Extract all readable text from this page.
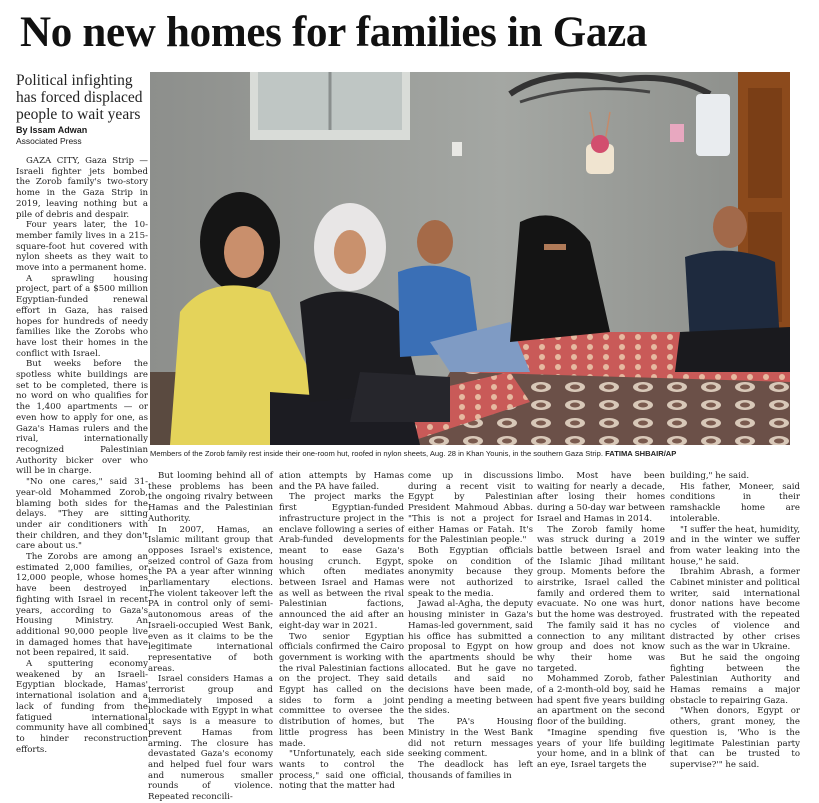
No new homes for families in Gaza
Political infighting has forced displaced people to wait years
By Issam Adwan
Associated Press
Members of the Zorob family rest inside their one-room hut, roofed in nylon sheets, Aug. 28 in Khan Younis, in the southern Gaza Strip. FATIMA SHBAIR/AP

GAZA CITY, Gaza Strip — Israeli fighter jets bombed the Zorob family's two-story home in the Gaza Strip in 2019, leaving nothing but a pile of debris and despair.

Four years later, the 10-member family lives in a 215-square-foot hut covered with nylon sheets as they wait to move into a permanent home.

A sprawling housing project, part of a $500 million Egyptian-funded renewal effort in Gaza, has raised hopes for hundreds of needy families like the Zorobs who have lost their homes in the conflict with Israel.

But weeks before the spotless white buildings are set to be completed, there is no word on who qualifies for the 1,400 apartments — or even how to apply for one, as Gaza's Hamas rulers and the rival, internationally recognized Palestinian Authority bicker over who will be in charge.

"No one cares," said 31-year-old Mohammed Zorob, blaming both sides for the delays. "They are sitting under air conditioners with their children, and they don't care about us."

The Zorobs are among an estimated 2,000 families, or 12,000 people, whose homes have been destroyed in fighting with Israel in recent years, according to Gaza's Housing Ministry. An additional 90,000 people live in damaged homes that have not been repaired, it said.

A sputtering economy weakened by an Israeli-Egyptian blockade, Hamas' international isolation and a lack of funding from the fatigued international community have all combined to hinder reconstruction efforts.

But looming behind all of these problems has been the ongoing rivalry between Hamas and the Palestinian Authority.

In 2007, Hamas, an Islamic militant group that opposes Israel's existence, seized control of Gaza from the PA a year after winning parliamentary elections. The violent takeover left the PA in control only of semi-autonomous areas of the Israeli-occupied West Bank, even as it claims to be the legitimate international representative of both areas.

Israel considers Hamas a terrorist group and immediately imposed a blockade with Egypt in what it says is a measure to prevent Hamas from arming. The closure has devastated Gaza's economy and helped fuel four wars and numerous smaller rounds of violence. Repeated reconcili-

ation attempts by Hamas and the PA have failed.

The project marks the first Egyptian-funded infrastructure project in the enclave following a series of Arab-funded developments meant to ease Gaza's housing crunch. Egypt, which often mediates between Israel and Hamas as well as between the rival Palestinian factions, announced the aid after an eight-day war in 2021.

Two senior Egyptian officials confirmed the Cairo government is working with the rival Palestinian factions on the project. They said Egypt has called on the sides to form a joint committee to oversee the distribution of homes, but little progress has been made.

"Unfortunately, each side wants to control the process," said one official, noting that the matter had

come up in discussions during a recent visit to Egypt by Palestinian President Mahmoud Abbas. "This is not a project for either Hamas or Fatah. It's for the Palestinian people."

Both Egyptian officials spoke on condition of anonymity because they were not authorized to speak to the media.

Jawad al-Agha, the deputy housing minister in Gaza's Hamas-led government, said his office has submitted a proposal to Egypt on how the apartments should be allocated. But he gave no details and said no decisions have been made, pending a meeting between the sides.

The PA's Housing Ministry in the West Bank did not return messages seeking comment.

The deadlock has left thousands of families in

limbo. Most have been waiting for nearly a decade, after losing their homes during a 50-day war between Israel and Hamas in 2014.

The Zorob family home was struck during a 2019 battle between Israel and the Islamic Jihad militant group. Moments before the airstrike, Israel called the family and ordered them to evacuate. No one was hurt, but the home was destroyed.

The family said it has no connection to any militant group and does not know why their home was targeted.

Mohammed Zorob, father of a 2-month-old boy, said he had spent five years building an apartment on the second floor of the building.

"Imagine spending five years of your life building your home, and in a blink of an eye, Israel targets the

building," he said.

His father, Moneer, said conditions in their ramshackle home are intolerable.

"I suffer the heat, humidity, and in the winter we suffer from water leaking into the house," he said.

Ibrahim Abrash, a former Cabinet minister and political writer, said international donor nations have become frustrated with the repeated cycles of violence and distracted by other crises such as the war in Ukraine.

But he said the ongoing fighting between the Palestinian Authority and Hamas remains a major obstacle to repairing Gaza.

"When donors, Egypt or others, grant money, the question is, 'Who is the legitimate Palestinian party that can be trusted to supervise?'" he said.
